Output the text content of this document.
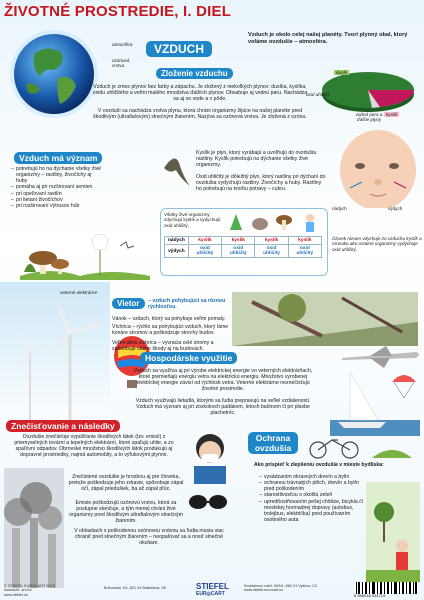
ŽIVOTNÉ PROSTREDIE, I. DIEL
atmosféra
ozónová
vrstva
VZDUCH
Vzduch je okolo celej našej planéty. Tvorí plynný obal, ktorý voláme ovzdušie – atmosféra.
dusík
oxid uhličitý
kyslík
vodná para a ďalšie plyny
Zloženie vzduchu
Vzduch je zmes plynov bez farby a zápachu. Je zložený z niekoľkých plynov: dusíka, kyslíka, oxidu uhličitého a veľmi malého množstva ďalších plynov. Obsahuje aj vodnú paru. Nachádza sa aj vo vode a v pôde.
V ovzduší sa nachádza vrstva plynu, ktorá chráni organizmy žijúce na našej planéte pred škodlivým (ultrafialovým) slnečným žiarením. Nazýva sa ozónová vrstva. Je zložená z ozónu.
Vzduch má význam
– potrebujú ho na dýchanie všetky živé organizmy – rastliny, živočíchy aj huby
– pomáha aj pri rozširovaní semien
– pri opeľovaní rastlín
– pri lietaní živočíchov
– pri rozširovaní výtrusov húb
Kyslík je plyn, ktorý vyrábajú a uvoľňujú do ovzdušia rastliny. Kyslík potrebujú na dýchanie všetky živé organizmy.
Oxid uhličitý je dôležitý plyn, ktorý rastliny pri dýchaní do ovzdušia vydychujú rastliny. Živočíchy a huby. Rastliny ho potrebujú na tvorbu potravy – cukru.
nádych	výdych
Človek nosom vdychuje zo vzduchu kyslík a ronnako ako ostatné organizmy vydychuje oxid uhličitý.
Všetky živé organizmy vdychujú kyslík a vydychujú oxid uhličitý.
nádych	kyslík	kyslík	kyslík	kyslík
výdych	oxid uhličitý	oxid uhličitý	oxid uhličitý	oxid uhličitý
veterné elektrárne
Vietor	– vzduch pohybujúci sa rôznou rýchlosťou.
Vánok – vzduch, ktorý sa pohybuje veľmi pomaly.
Víchrica – rýchlo sa pohybujúci vzduch, ktorý láme konáre stromov a poškodzuje strechy budov.
Veľmi silná víchrica – vyvracia celé stromy a spôsobuje vážne škody aj na budovách.
Hospodárske využitie
Vzduch sa využíva aj pri výrobe elektrickej energie vo veterných elektrárňach, ktoré premieňajú energiu vetra na elektrickú energiu. Množstvo vyrobenej elektrickej energie závisí od rýchlosti vetra. Veterné elektrárne neznečisťujú životné prostredie.
Vzduch využívajú lietadlá, ktorými sa ľudia prepravujú na veľké vzdialenosti. Vzduch má význam aj pri zoskokoch padákom, letoch balónom či pri plavbe plachetníc.
Znečisťovanie a následky
Ovzdušie znečisťuje vypúšťanie škodlivých látok (tzv. emisií) z priemyselných tovární a tepelných elektrární, ktoré spaľujú uhlie, a zo spaľovní odpadov. Obrovské množstvo škodlivých látok produkujú aj dopravné prostriedky, najmä automobily, a to výfukovými plynmi.
Znečistené ovzdušie je hrozbou aj pre človeka, pretože poškodzuje jeho zdravie, spôsobuje zápal očí, zápal priedušiek, ba až zápal pľúc.
Emisie poškodzujú ozónovú vrstvu, ktorá sa postupne stenčuje, a tým menej chráni živé organizmy pred škodlivým ultrafialovým slnečným žiarením.
V oblastiach s poškodenou ozónovou vrstvou sa ľudia musia viac chrániť pred slnečným žiarením – neopaľovať sa a nosiť slnečné okuliare.
Ochrana ovzdušia
Ako prispieť k zlepšeniu ovzdušia v mieste bydliska:
– vysádzaním okrasných drevín a bylín
– ochranou trávnatých plôch, drevín a bylín pred poškodením
– starostlivosťou o okolitú zeleň
– upredňostňovaním pešej chôdze, bicykla či mestskej hromadnej dopravy (autobus, trolejbus, električka) pred používaním osobného auta
© STIEFEL EUROCART 2015
Ilustrácie: archív
www.stiefel.sk
Bulharská 1/A, 821 04 Bratislava, SK	STIEFEL
EUR◎CART
Smetanovo nábř. 693/4, 682 01 Vyškov, CZ
www.stiefel-eurocart.cz
8 586018 034713
